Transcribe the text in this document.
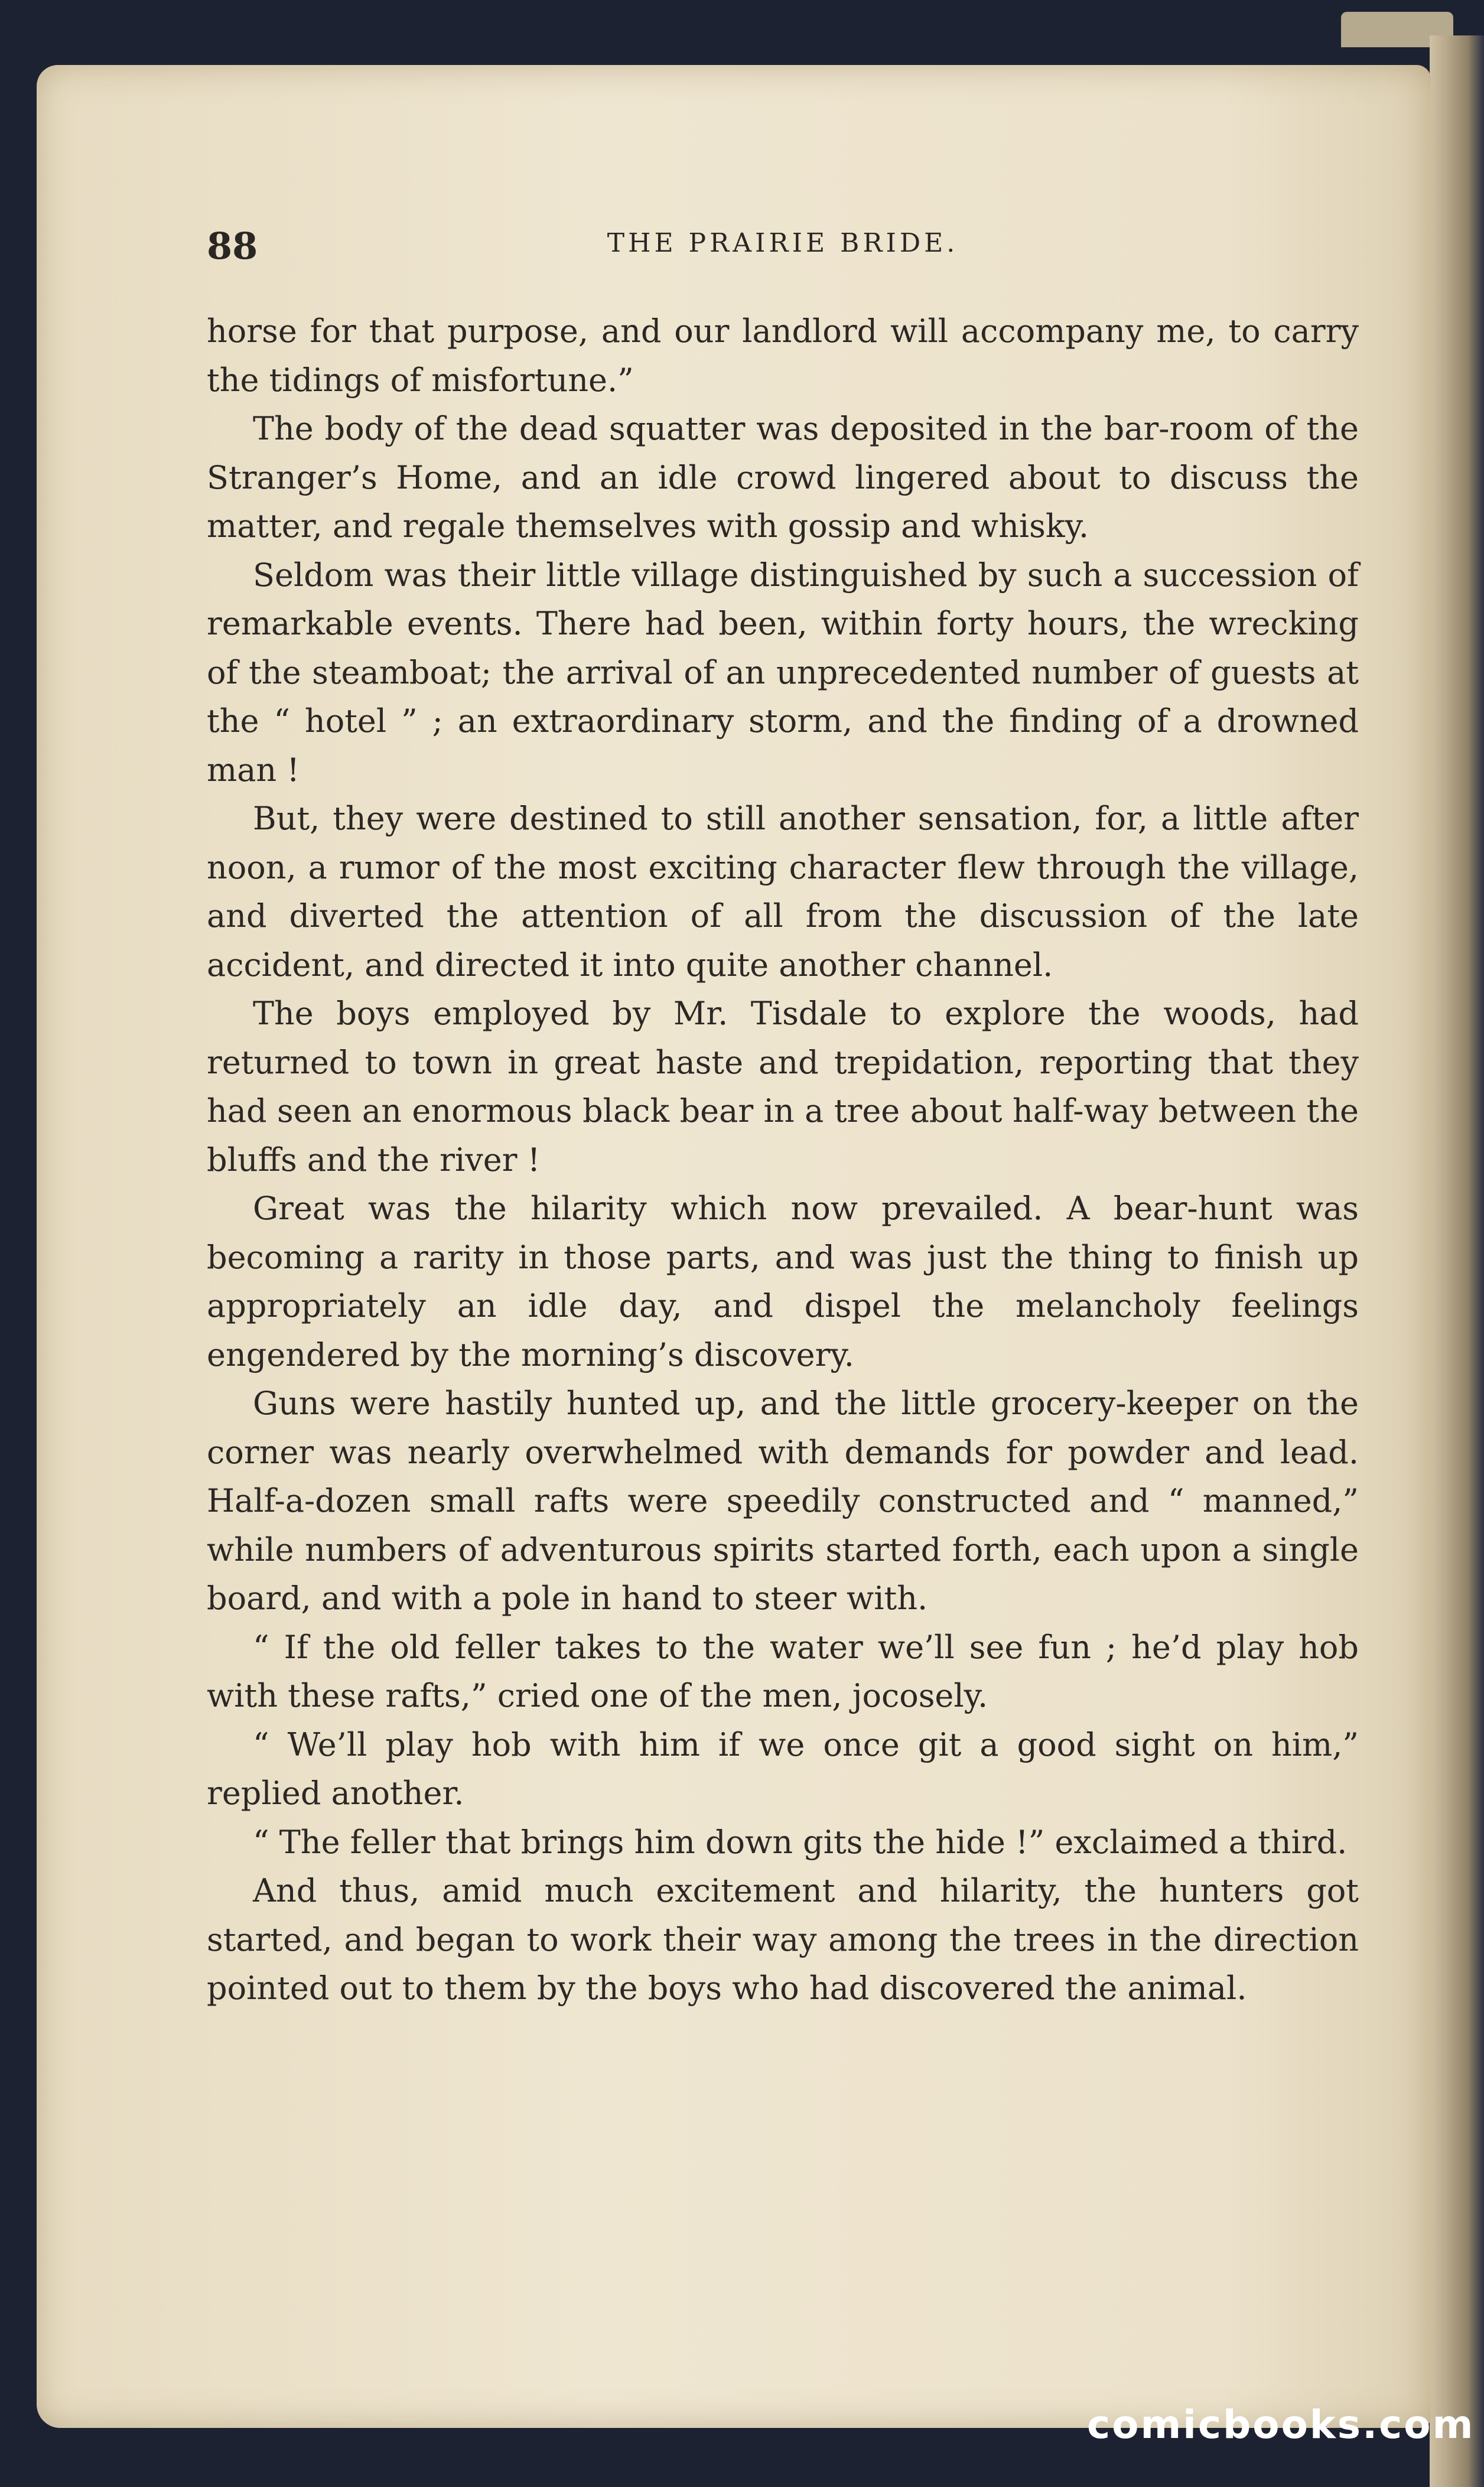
88	THE PRAIRIE BRIDE.

horse for that purpose, and our landlord will accompany me, to carry the tidings of misfortune.”

The body of the dead squatter was deposited in the bar-room of the Stranger’s Home, and an idle crowd lingered about to discuss the matter, and regale themselves with gossip and whisky.

Seldom was their little village distinguished by such a succession of remarkable events. There had been, within forty hours, the wrecking of the steamboat; the arrival of an unprecedented number of guests at the “ hotel ” ; an extraordinary storm, and the finding of a drowned man !

But, they were destined to still another sensation, for, a little after noon, a rumor of the most exciting character flew through the village, and diverted the attention of all from the discussion of the late accident, and directed it into quite another channel.

The boys employed by Mr. Tisdale to explore the woods, had returned to town in great haste and trepidation, reporting that they had seen an enormous black bear in a tree about half-way between the bluffs and the river !

Great was the hilarity which now prevailed. A bear-hunt was becoming a rarity in those parts, and was just the thing to finish up appropriately an idle day, and dispel the melancholy feelings engendered by the morning’s discovery.

Guns were hastily hunted up, and the little grocery-keeper on the corner was nearly overwhelmed with demands for powder and lead. Half-a-dozen small rafts were speedily constructed and “ manned,” while numbers of adventurous spirits started forth, each upon a single board, and with a pole in hand to steer with.

“ If the old feller takes to the water we’ll see fun ; he’d play hob with these rafts,” cried one of the men, jocosely.

“ We’ll play hob with him if we once git a good sight on him,” replied another.

“ The feller that brings him down gits the hide !” exclaimed a third.

And thus, amid much excitement and hilarity, the hunters got started, and began to work their way among the trees in the direction pointed out to them by the boys who had discovered the animal.

comicbooks.com
